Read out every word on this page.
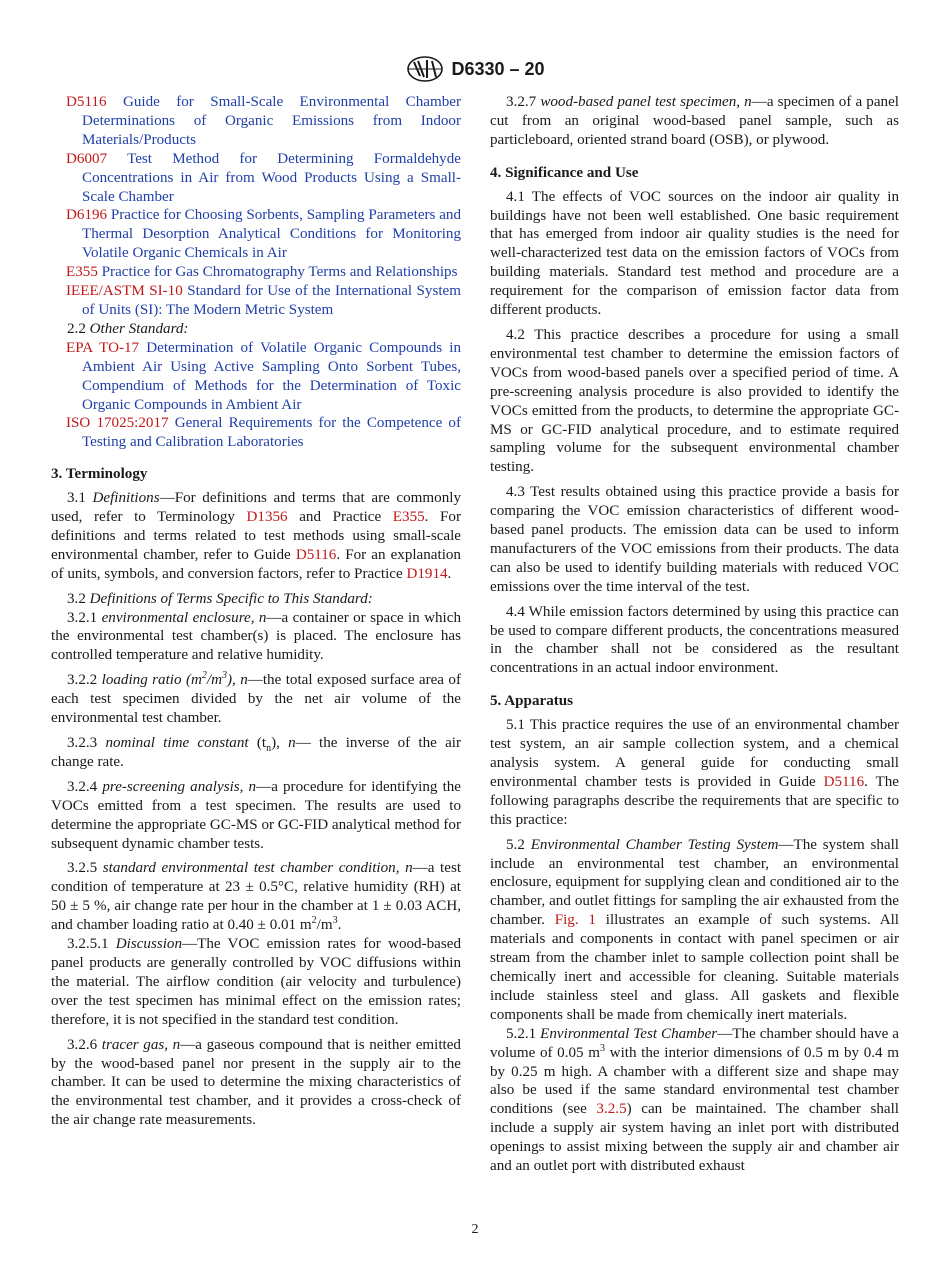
D6330 – 20

D5116 Guide for Small-Scale Environmental Chamber Determinations of Organic Emissions from Indoor Materials/Products

D6007 Test Method for Determining Formaldehyde Concentrations in Air from Wood Products Using a Small-Scale Chamber

D6196 Practice for Choosing Sorbents, Sampling Parameters and Thermal Desorption Analytical Conditions for Monitoring Volatile Organic Chemicals in Air

E355 Practice for Gas Chromatography Terms and Relationships

IEEE/ASTM SI-10 Standard for Use of the International System of Units (SI): The Modern Metric System

2.2 Other Standard:

EPA TO-17 Determination of Volatile Organic Compounds in Ambient Air Using Active Sampling Onto Sorbent Tubes, Compendium of Methods for the Determination of Toxic Organic Compounds in Ambient Air

ISO 17025:2017 General Requirements for the Competence of Testing and Calibration Laboratories

3. Terminology

3.1 Definitions—For definitions and terms that are commonly used, refer to Terminology D1356 and Practice E355. For definitions and terms related to test methods using small-scale environmental chamber, refer to Guide D5116. For an explanation of units, symbols, and conversion factors, refer to Practice D1914.

3.2 Definitions of Terms Specific to This Standard:

3.2.1 environmental enclosure, n—a container or space in which the environmental test chamber(s) is placed. The enclosure has controlled temperature and relative humidity.

3.2.2 loading ratio $(m^2/m^3)$, n—the total exposed surface area of each test specimen divided by the net air volume of the environmental test chamber.

3.2.3 nominal time constant $(t_n)$, n— the inverse of the air change rate.

3.2.4 pre-screening analysis, n—a procedure for identifying the VOCs emitted from a test specimen. The results are used to determine the appropriate GC-MS or GC-FID analytical method for subsequent dynamic chamber tests.

3.2.5 standard environmental test chamber condition, n—a test condition of temperature at 23 ± 0.5°C, relative humidity (RH) at 50 ± 5 %, air change rate per hour in the chamber at 1 ± 0.03 ACH, and chamber loading ratio at 0.40 ± 0.01 $m^2/m^3$.

3.2.5.1 Discussion—The VOC emission rates for wood-based panel products are generally controlled by VOC diffusions within the material. The airflow condition (air velocity and turbulence) over the test specimen has minimal effect on the emission rates; therefore, it is not specified in the standard test condition.

3.2.6 tracer gas, n—a gaseous compound that is neither emitted by the wood-based panel nor present in the supply air to the chamber. It can be used to determine the mixing characteristics of the environmental test chamber, and it provides a cross-check of the air change rate measurements.

3.2.7 wood-based panel test specimen, n—a specimen of a panel cut from an original wood-based panel sample, such as particleboard, oriented strand board (OSB), or plywood.

4. Significance and Use

4.1 The effects of VOC sources on the indoor air quality in buildings have not been well established. One basic requirement that has emerged from indoor air quality studies is the need for well-characterized test data on the emission factors of VOCs from building materials. Standard test method and procedure are a requirement for the comparison of emission factor data from different products.

4.2 This practice describes a procedure for using a small environmental test chamber to determine the emission factors of VOCs from wood-based panels over a specified period of time. A pre-screening analysis procedure is also provided to identify the VOCs emitted from the products, to determine the appropriate GC-MS or GC-FID analytical procedure, and to estimate required sampling volume for the subsequent environmental chamber testing.

4.3 Test results obtained using this practice provide a basis for comparing the VOC emission characteristics of different wood-based panel products. The emission data can be used to inform manufacturers of the VOC emissions from their products. The data can also be used to identify building materials with reduced VOC emissions over the time interval of the test.

4.4 While emission factors determined by using this practice can be used to compare different products, the concentrations measured in the chamber shall not be considered as the resultant concentrations in an actual indoor environment.

5. Apparatus

5.1 This practice requires the use of an environmental chamber test system, an air sample collection system, and a chemical analysis system. A general guide for conducting small environmental chamber tests is provided in Guide D5116. The following paragraphs describe the requirements that are specific to this practice:

5.2 Environmental Chamber Testing System—The system shall include an environmental test chamber, an environmental enclosure, equipment for supplying clean and conditioned air to the chamber, and outlet fittings for sampling the air exhausted from the chamber. Fig. 1 illustrates an example of such systems. All materials and components in contact with panel specimen or air stream from the chamber inlet to sample collection point shall be chemically inert and accessible for cleaning. Suitable materials include stainless steel and glass. All gaskets and flexible components shall be made from chemically inert materials.

5.2.1 Environmental Test Chamber—The chamber should have a volume of 0.05 $m^3$ with the interior dimensions of 0.5 m by 0.4 m by 0.25 m high. A chamber with a different size and shape may also be used if the same standard environmental test chamber conditions (see 3.2.5) can be maintained. The chamber shall include a supply air system having an inlet port with distributed openings to assist mixing between the supply air and chamber air and an outlet port with distributed exhaust

2
